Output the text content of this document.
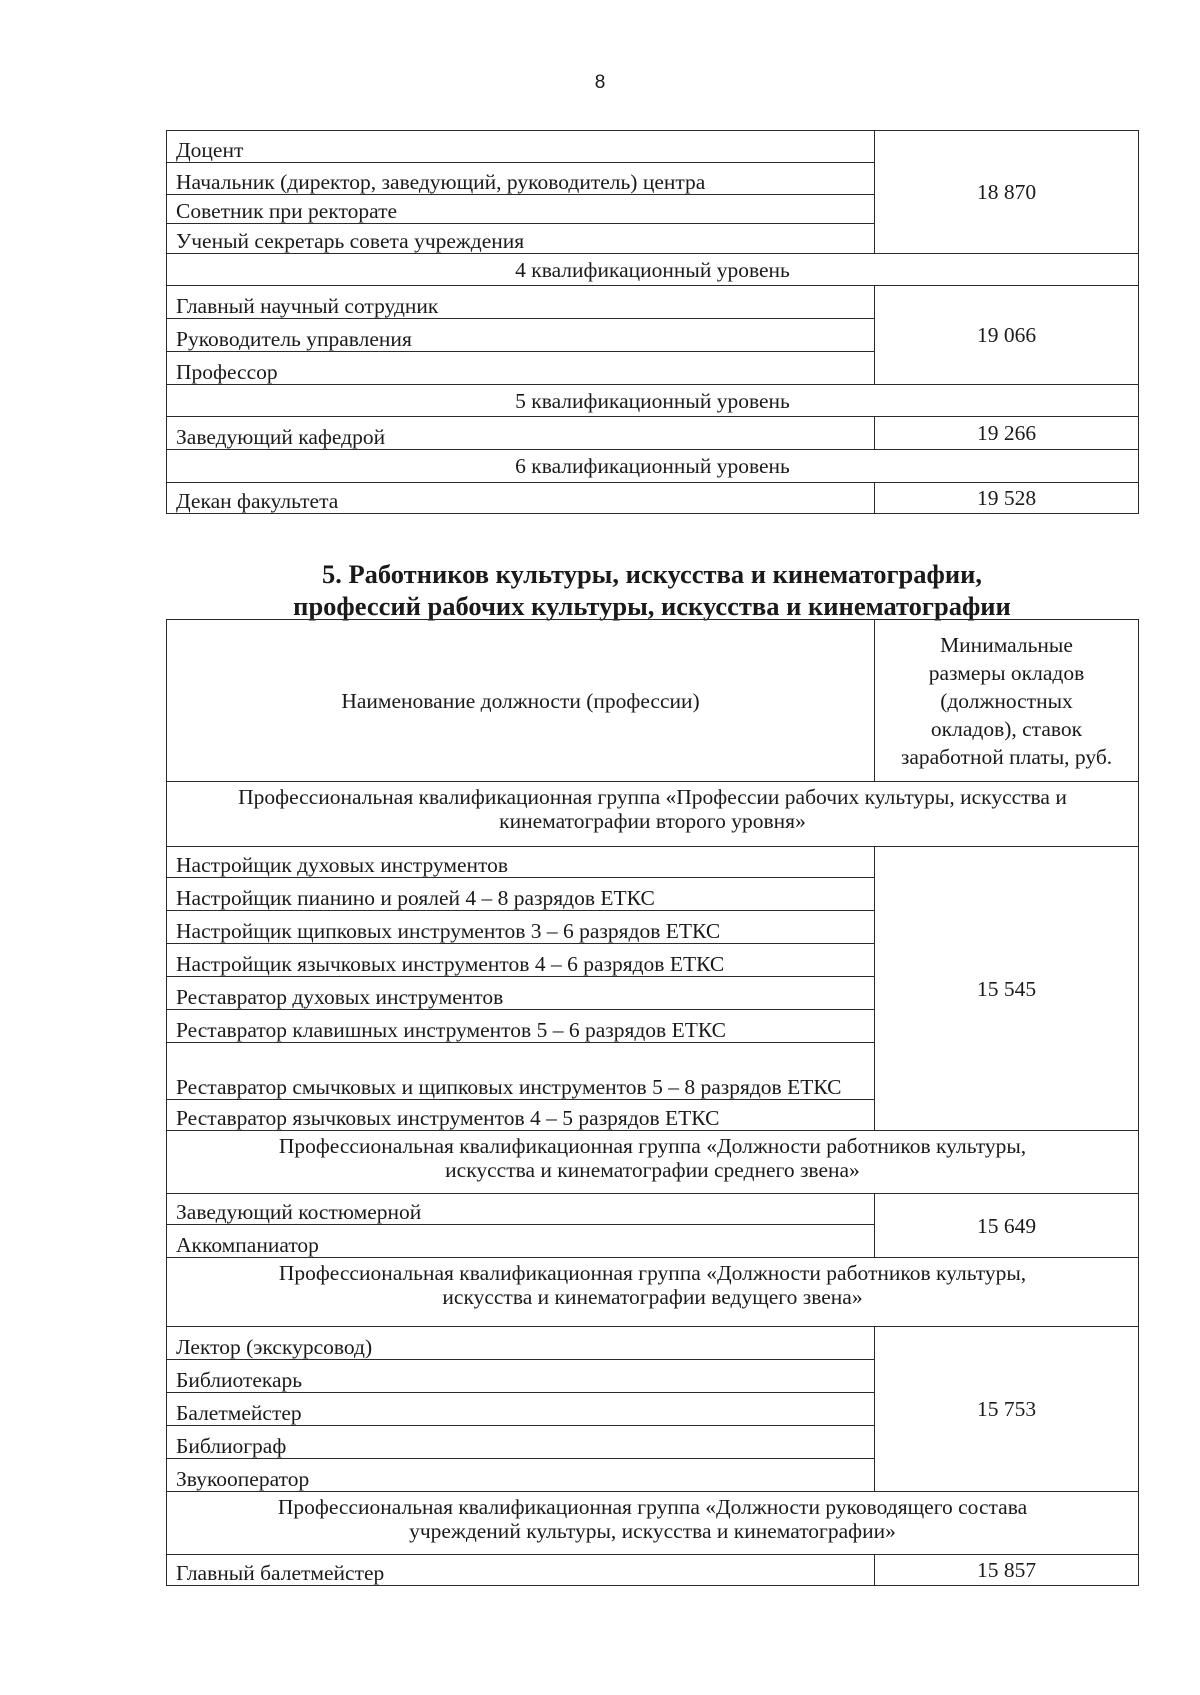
8
Доцент	18 870
Начальник (директор, заведующий, руководитель) центра	
Советник при ректорате	
Ученый секретарь совета учреждения	
4 квалификационный уровень	
Главный научный сотрудник	19 066
Руководитель управления	
Профессор	
5 квалификационный уровень	
Заведующий кафедрой	19 266
6 квалификационный уровень	
Декан факультета	19 528
5. Работников культуры, искусства и кинематографии,
профессий рабочих культуры, искусства и кинематографии
Наименование должности (профессии)	Минимальные
размеры окладов
(должностных
окладов), ставок
заработной платы, руб.

Профессиональная квалификационная группа «Профессии рабочих культуры, искусства и
кинематографии второго уровня»	

Настройщик духовых инструментов	15 545
Настройщик пианино и роялей 4 – 8 разрядов ЕТКС	
Настройщик щипковых инструментов 3 – 6 разрядов ЕТКС	
Настройщик язычковых инструментов 4 – 6 разрядов ЕТКС	
Реставратор духовых инструментов	
Реставратор клавишных инструментов 5 – 6 разрядов ЕТКС	
Реставратор смычковых и щипковых инструментов 5 – 8 разрядов ЕТКС	
Реставратор язычковых инструментов 4 – 5 разрядов ЕТКС	

Профессиональная квалификационная группа «Должности работников культуры,
искусства и кинематографии среднего звена»	

Заведующий костюмерной	15 649
Аккомпаниатор	

Профессиональная квалификационная группа «Должности работников культуры,
искусства и кинематографии ведущего звена»	

Лектор (экскурсовод)	15 753
Библиотекарь	
Балетмейстер	
Библиограф	
Звукооператор	

Профессиональная квалификационная группа «Должности руководящего состава
учреждений культуры, искусства и кинематографии»	

Главный балетмейстер	15 857
